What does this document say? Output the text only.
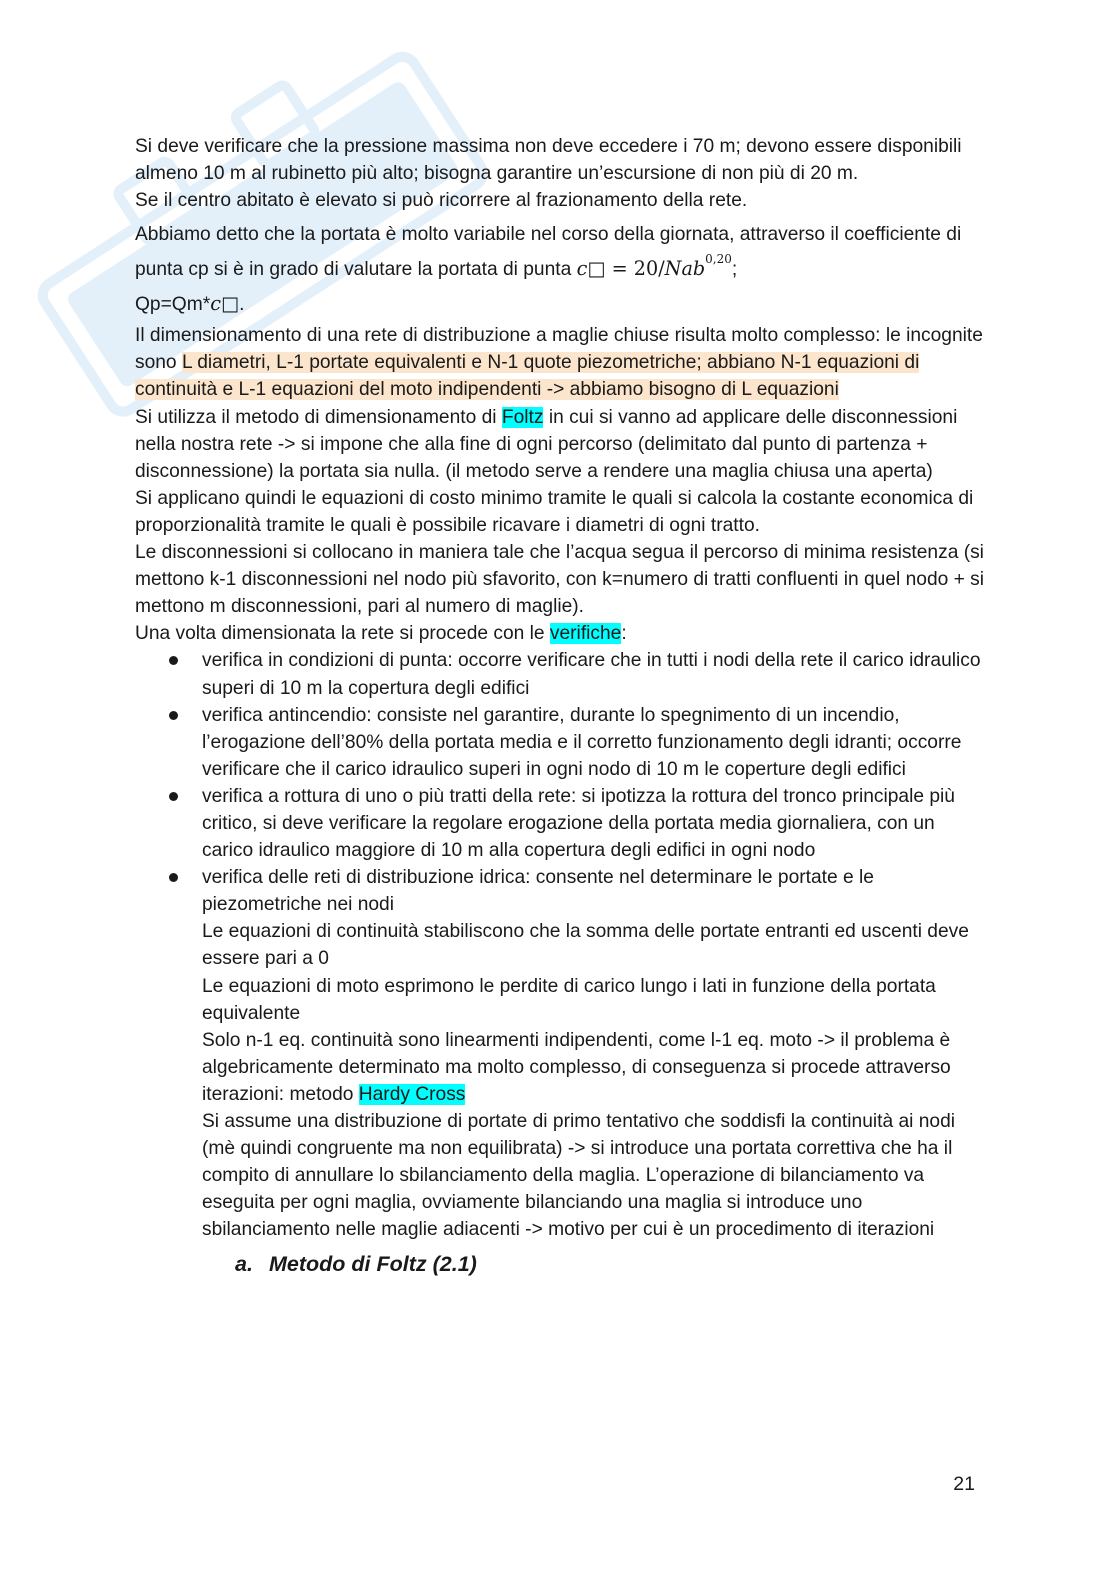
Si deve verificare che la pressione massima non deve eccedere i 70 m; devono essere disponibili almeno 10 m al rubinetto più alto; bisogna garantire un’escursione di non più di 20 m.

Se il centro abitato è elevato si può ricorrere al frazionamento della rete.

Abbiamo detto che la portata è molto variabile nel corso della giornata, attraverso il coefficiente di punta cp si è in grado di valutare la portata di punta c□ = 20/Nab$^{0,20}$;
Qp=Qm*c□.

Il dimensionamento di una rete di distribuzione a maglie chiuse risulta molto complesso: le incognite sono L diametri, L-1 portate equivalenti e N-1 quote piezometriche; abbiano N-1 equazioni di continuità e L-1 equazioni del moto indipendenti -> abbiamo bisogno di L equazioni

Si utilizza il metodo di dimensionamento di Foltz in cui si vanno ad applicare delle disconnessioni nella nostra rete -> si impone che alla fine di ogni percorso (delimitato dal punto di partenza + disconnessione) la portata sia nulla. (il metodo serve a rendere una maglia chiusa una aperta)

Si applicano quindi le equazioni di costo minimo tramite le quali si calcola la costante economica di proporzionalità tramite le quali è possibile ricavare i diametri di ogni tratto.

Le disconnessioni si collocano in maniera tale che l’acqua segua il percorso di minima resistenza (si mettono k-1 disconnessioni nel nodo più sfavorito, con k=numero di tratti confluenti in quel nodo + si mettono m disconnessioni, pari al numero di maglie).

Una volta dimensionata la rete si procede con le verifiche:

verifica in condizioni di punta: occorre verificare che in tutti i nodi della rete il carico idraulico superi di 10 m la copertura degli edifici
verifica antincendio: consiste nel garantire, durante lo spegnimento di un incendio, l’erogazione dell’80% della portata media e il corretto funzionamento degli idranti; occorre verificare che il carico idraulico superi in ogni nodo di 10 m le coperture degli edifici
verifica a rottura di uno o più tratti della rete: si ipotizza la rottura del tronco principale più critico, si deve verificare la regolare erogazione della portata media giornaliera, con un carico idraulico maggiore di 10 m alla copertura degli edifici in ogni nodo
verifica delle reti di distribuzione idrica: consente nel determinare le portate e le piezometriche nei nodi
Le equazioni di continuità stabiliscono che la somma delle portate entranti ed uscenti deve essere pari a 0
Le equazioni di moto esprimono le perdite di carico lungo i lati in funzione della portata equivalente
Solo n-1 eq. continuità sono linearmenti indipendenti, come l-1 eq. moto -> il problema è algebricamente determinato ma molto complesso, di conseguenza si procede attraverso iterazioni: metodo Hardy Cross
Si assume una distribuzione di portate di primo tentativo che soddisfi la continuità ai nodi (mè quindi congruente ma non equilibrata) -> si introduce una portata correttiva che ha il compito di annullare lo sbilanciamento della maglia. L’operazione di bilanciamento va eseguita per ogni maglia, ovviamente bilanciando una maglia si introduce uno sbilanciamento nelle maglie adiacenti -> motivo per cui è un procedimento di iterazioni
a. Metodo di Foltz (2.1)
21
